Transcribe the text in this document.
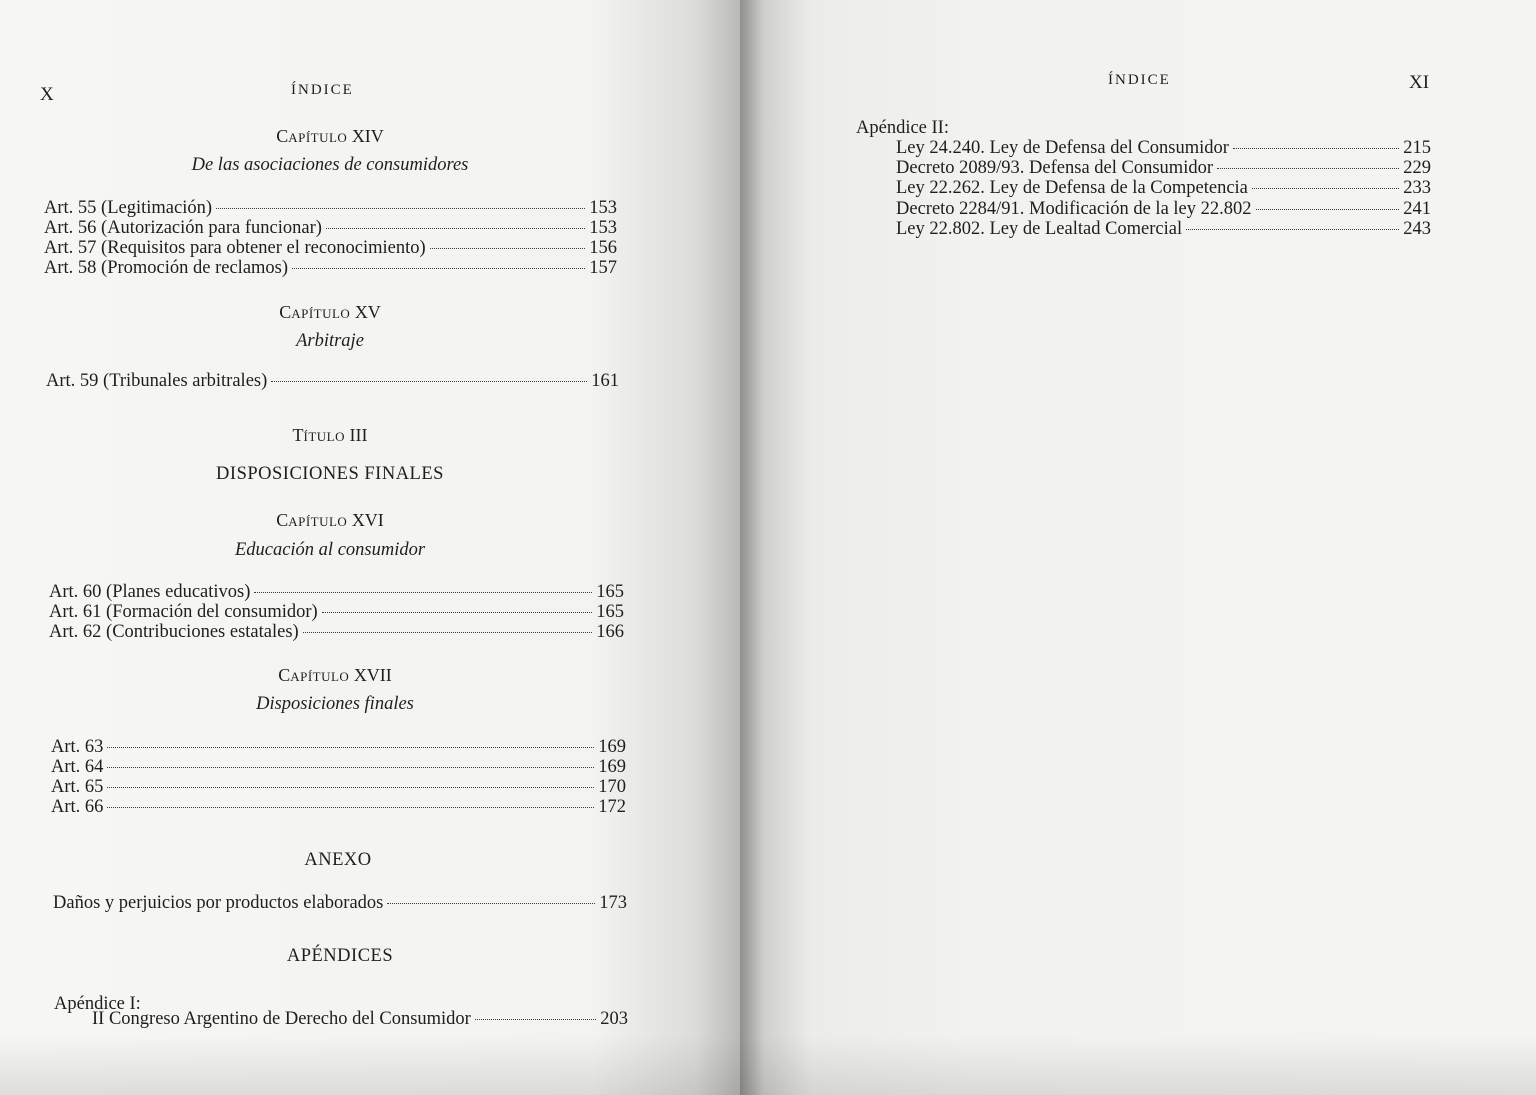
X	ÍNDICE
CAPÍTULO XIV
De las asociaciones de consumidores
Art. 55 (Legitimación)	153
Art. 56 (Autorización para funcionar)	153
Art. 57 (Requisitos para obtener el reconocimiento)	156
Art. 58 (Promoción de reclamos)	157
CAPÍTULO XV
Arbitraje
Art. 59 (Tribunales arbitrales)	161
TÍTULO III
DISPOSICIONES FINALES
CAPÍTULO XVI
Educación al consumidor
Art. 60 (Planes educativos)	165
Art. 61 (Formación del consumidor)	165
Art. 62 (Contribuciones estatales)	166
CAPÍTULO XVII
Disposiciones finales
Art. 63	169
Art. 64	169
Art. 65	170
Art. 66	172
ANEXO
Daños y perjuicios por productos elaborados	173
APÉNDICES
Apéndice I:
II Congreso Argentino de Derecho del Consumidor	203
ÍNDICE	XI
Apéndice II:
Ley 24.240. Ley de Defensa del Consumidor	215
Decreto 2089/93. Defensa del Consumidor	229
Ley 22.262. Ley de Defensa de la Competencia	233
Decreto 2284/91. Modificación de la ley 22.802	241
Ley 22.802. Ley de Lealtad Comercial	243
